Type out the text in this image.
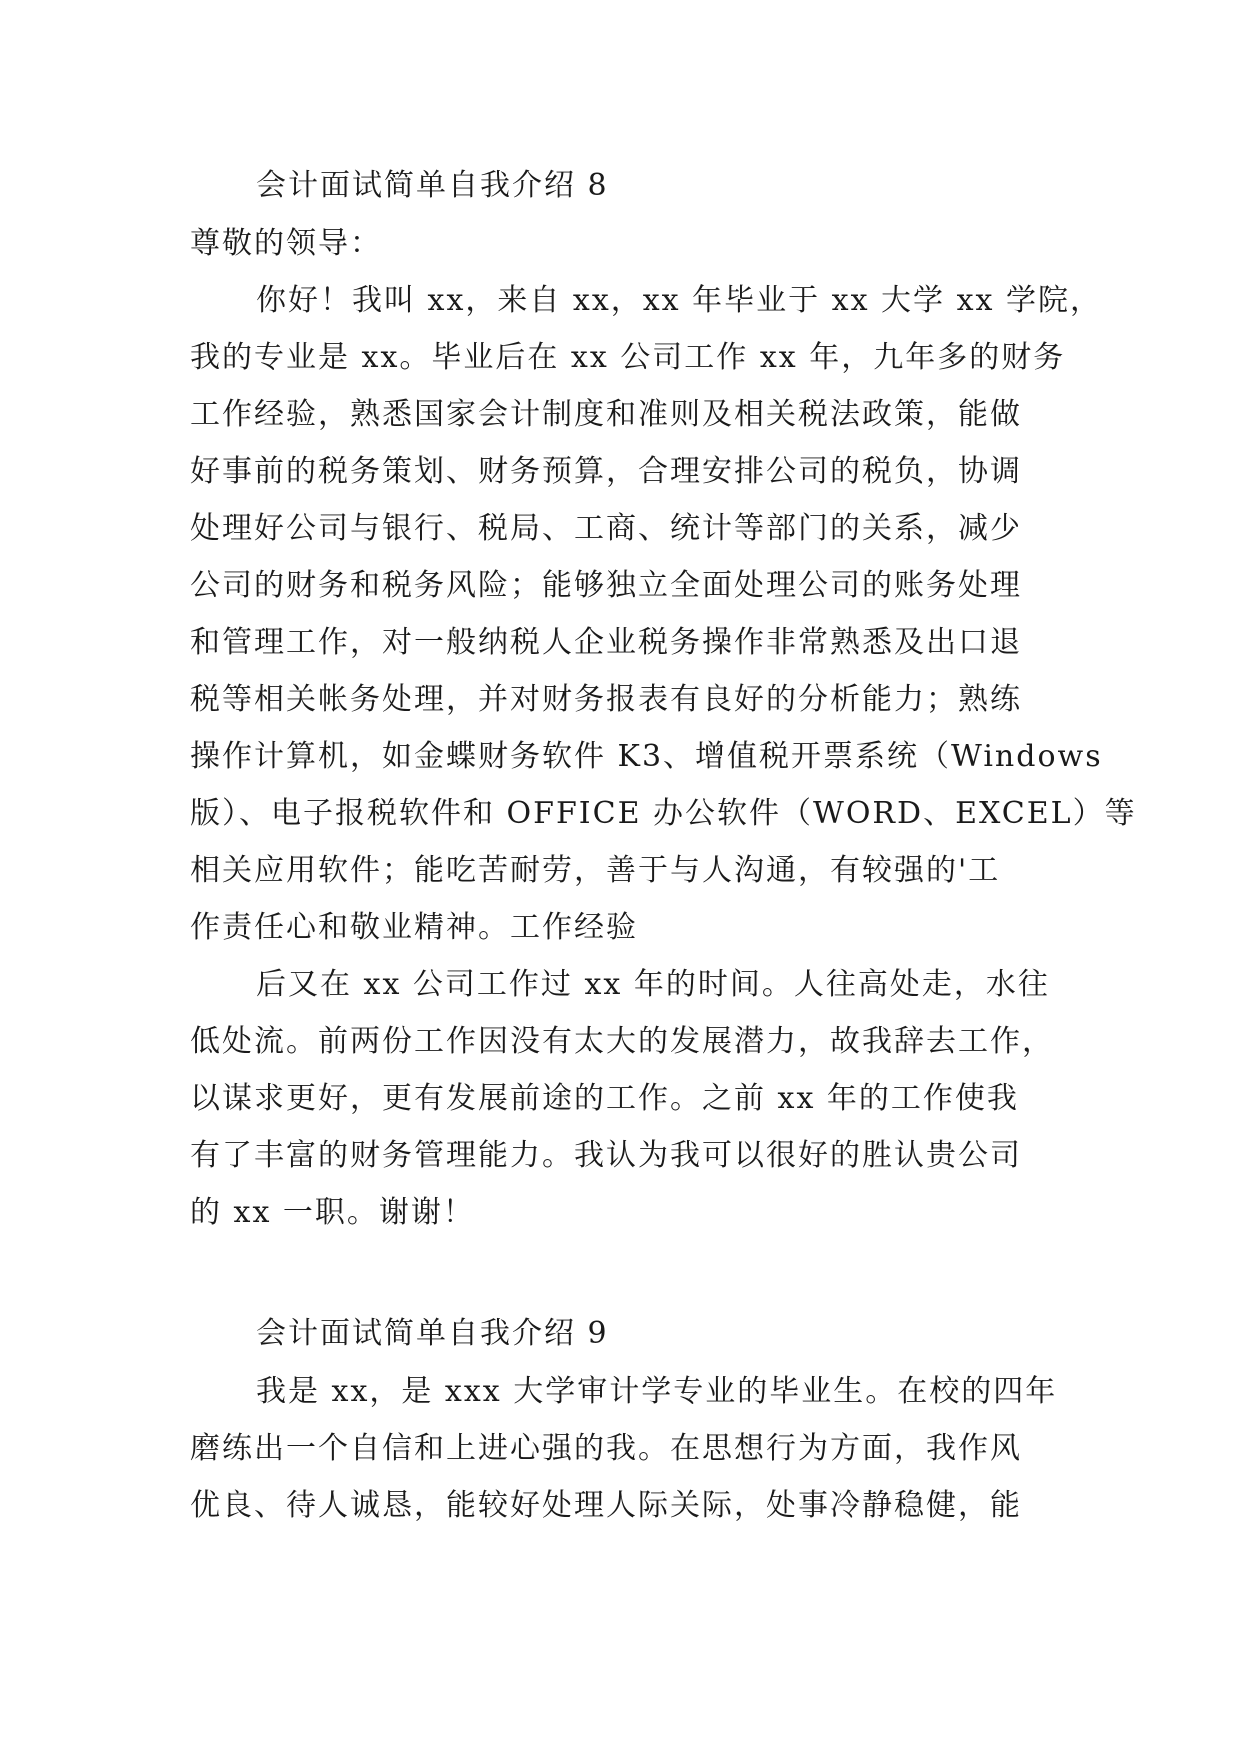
会计面试简单自我介绍 8
尊敬的领导：
你好！我叫 xx，来自 xx，xx 年毕业于 xx 大学 xx 学院，
我的专业是 xx。毕业后在 xx 公司工作 xx 年，九年多的财务
工作经验，熟悉国家会计制度和准则及相关税法政策，能做
好事前的税务策划、财务预算，合理安排公司的税负，协调
处理好公司与银行、税局、工商、统计等部门的关系，减少
公司的财务和税务风险；能够独立全面处理公司的账务处理
和管理工作，对一般纳税人企业税务操作非常熟悉及出口退
税等相关帐务处理，并对财务报表有良好的分析能力；熟练
操作计算机，如金蝶财务软件 K3、增值税开票系统（Windows
版）、电子报税软件和 OFFICE 办公软件（WORD、EXCEL）等
相关应用软件；能吃苦耐劳，善于与人沟通，有较强的'工
作责任心和敬业精神。工作经验
后又在 xx 公司工作过 xx 年的时间。人往高处走，水往
低处流。前两份工作因没有太大的发展潜力，故我辞去工作，
以谋求更好，更有发展前途的工作。之前 xx 年的工作使我
有了丰富的财务管理能力。我认为我可以很好的胜认贵公司
的 xx 一职。谢谢！
会计面试简单自我介绍 9
我是 xx，是 xxx 大学审计学专业的毕业生。在校的四年
磨练出一个自信和上进心强的我。在思想行为方面，我作风
优良、待人诚恳，能较好处理人际关际，处事冷静稳健，能
